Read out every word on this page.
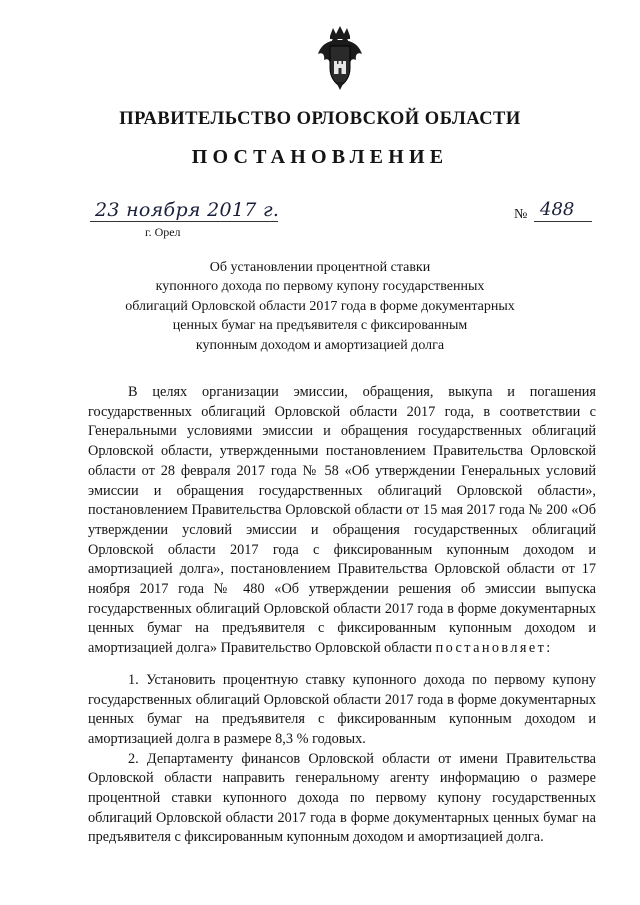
ПРАВИТЕЛЬСТВО ОРЛОВСКОЙ ОБЛАСТИ
ПОСТАНОВЛЕНИЕ
23 ноября 2017 г.
г. Орел
№ 488
Об установлении процентной ставки
купонного дохода по первому купону государственных
облигаций Орловской области 2017 года в форме документарных
ценных бумаг на предъявителя с фиксированным
купонным доходом и амортизацией долга

В целях организации эмиссии, обращения, выкупа и погашения государственных облигаций Орловской области 2017 года, в соответствии с Генеральными условиями эмиссии и обращения государственных облигаций Орловской области, утвержденными постановлением Правительства Орловской области от 28 февраля 2017 года № 58 «Об утверждении Генеральных условий эмиссии и обращения государственных облигаций Орловской области», постановлением Правительства Орловской области от 15 мая 2017 года № 200 «Об утверждении условий эмиссии и обращения государственных облигаций Орловской области 2017 года с фиксированным купонным доходом и амортизацией долга», постановлением Правительства Орловской области от 17 ноября 2017 года № 480 «Об утверждении решения об эмиссии выпуска государственных облигаций Орловской области 2017 года в форме документарных ценных бумаг на предъявителя с фиксированным купонным доходом и амортизацией долга» Правительство Орловской области постановляет:

1. Установить процентную ставку купонного дохода по первому купону государственных облигаций Орловской области 2017 года в форме документарных ценных бумаг на предъявителя с фиксированным купонным доходом и амортизацией долга в размере 8,3 % годовых.

2. Департаменту финансов Орловской области от имени Правительства Орловской области направить генеральному агенту информацию о размере процентной ставки купонного дохода по первому купону государственных облигаций Орловской области 2017 года в форме документарных ценных бумаг на предъявителя с фиксированным купонным доходом и амортизацией долга.
